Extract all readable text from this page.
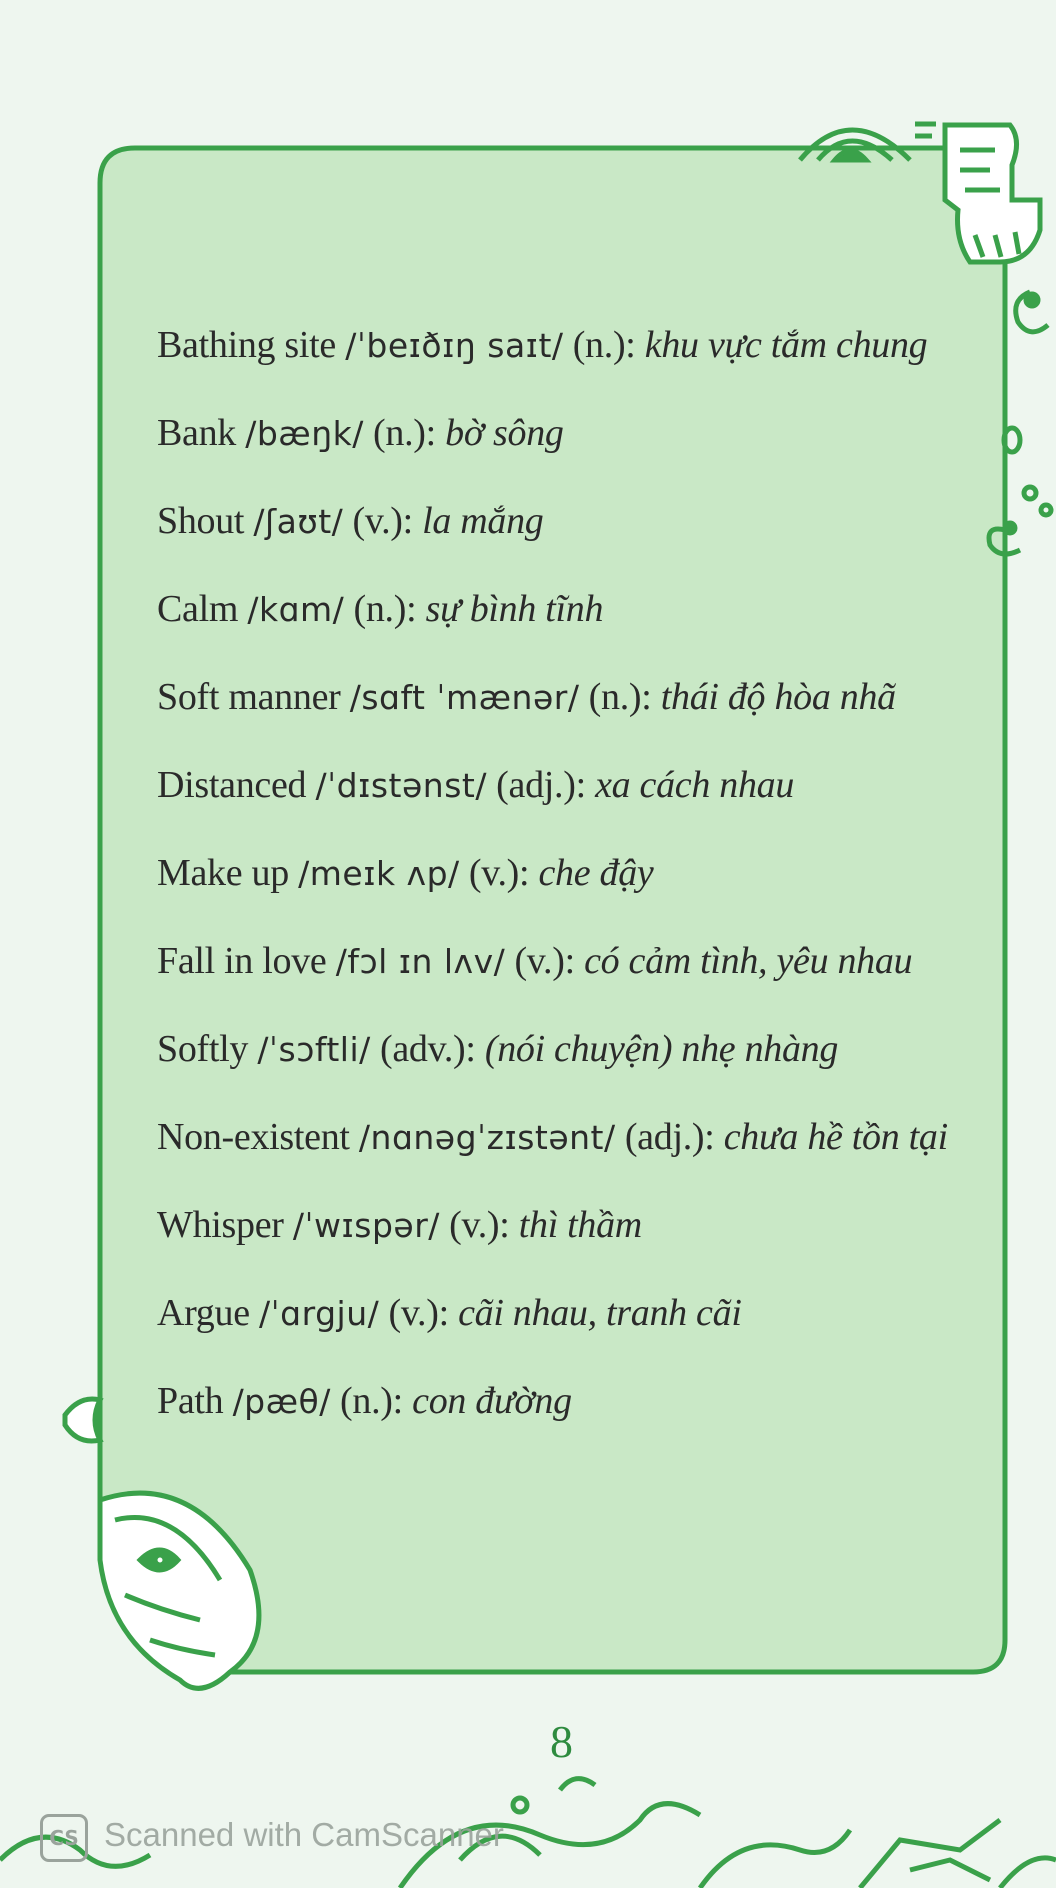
Bathing site /ˈbeɪðɪŋ saɪt/ (n.): khu vực tắm chung
Bank /bæŋk/ (n.): bờ sông
Shout /ʃaʊt/ (v.): la mắng
Calm /kɑm/ (n.): sự bình tĩnh
Soft manner /sɑft ˈmænər/ (n.): thái độ hòa nhã
Distanced /ˈdɪstənst/ (adj.): xa cách nhau
Make up /meɪk ʌp/ (v.): che đậy
Fall in love /fɔl ɪn lʌv/ (v.): có cảm tình, yêu nhau
Softly /ˈsɔftli/ (adv.): (nói chuyện) nhẹ nhàng
Non-existent /nɑnəgˈzɪstənt/ (adj.): chưa hề tồn tại
Whisper /ˈwɪspər/ (v.): thì thầm
Argue /ˈɑrgju/ (v.): cãi nhau, tranh cãi
Path /pæθ/ (n.): con đường
8
CS Scanned with CamScanner
